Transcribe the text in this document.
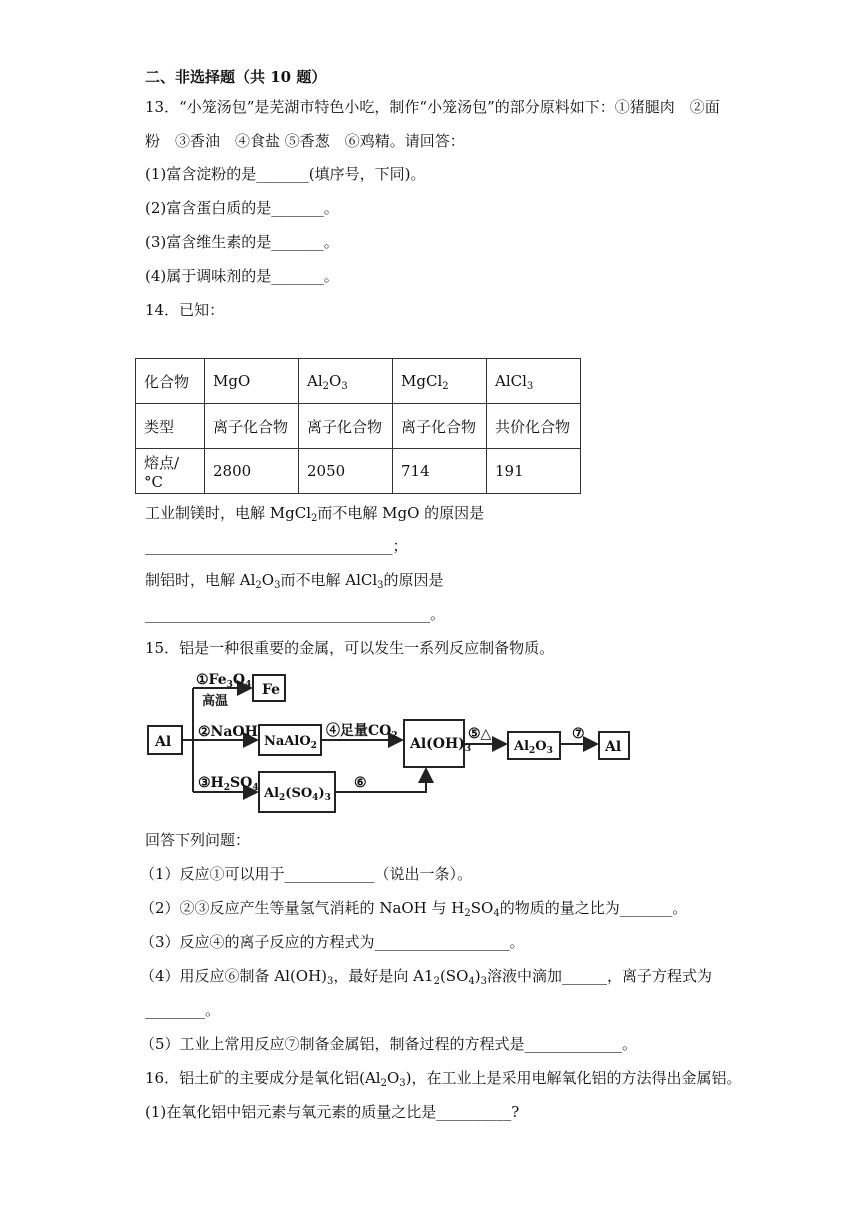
二、非选择题（共 10 题）
13．“小笼汤包”是芜湖市特色小吃，制作“小笼汤包”的部分原料如下：①猪腿肉　②面
粉　③香油　④食盐 ⑤香葱　⑥鸡精。请回答：
(1)富含淀粉的是_______(填序号，下同)。
(2)富含蛋白质的是_______。
(3)富含维生素的是_______。
(4)属于调味剂的是_______。
14．已知：
化合物	MgO	$Al_2O_3$	MgCl$_2$	AlCl$_3$
类型	离子化合物	离子化合物	离子化合物	共价化合物
熔点/°C	2800	2050	714	191
工业制镁时，电解 MgCl$_2$而不电解 MgO 的原因是
_________________________________；
制铝时，电解 $Al_2O_3$而不电解 AlCl$_3$的原因是
______________________________________。
15．铝是一种很重要的金属，可以发生一系列反应制备物质。
Al
Fe
$①Fe_3O_4$
高温
②NaOH
NaAlO$_2$
④足量$CO_2$ $Al(OH)_3$
⑤△
$Al_2O_3$
⑦
Al
$③H_2SO_4$ $Al_2(SO_4)_3$
⑥
回答下列问题：
（1）反应①可以用于____________（说出一条）。
（2）②③反应产生等量氢气消耗的 NaOH 与 $H_2SO_4$的物质的量之比为_______。
（3）反应④的离子反应的方程式为__________________。
（4）用反应⑥制备 $Al(OH)_3$，最好是向 $A1_2(SO_4)_3$溶液中滴加______，离子方程式为
________。
（5）工业上常用反应⑦制备金属铝，制备过程的方程式是_____________。
16．铝土矿的主要成分是氧化铝$(Al_2O_3)$，在工业上是采用电解氧化铝的方法得出金属铝。
(1)在氧化铝中铝元素与氧元素的质量之比是__________?
